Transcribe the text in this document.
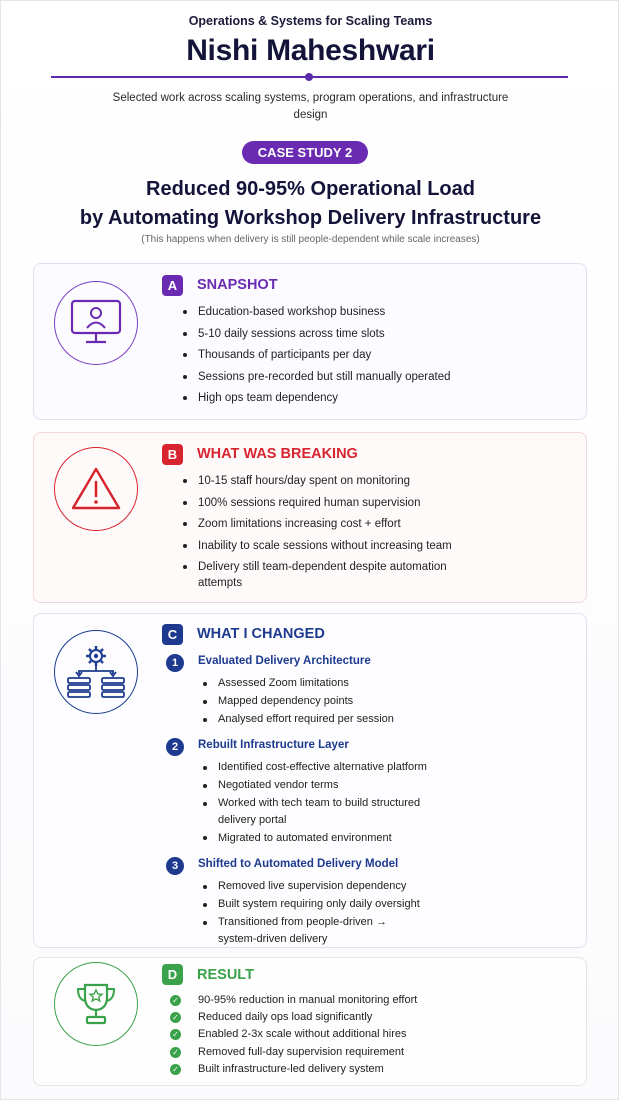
Operations & Systems for Scaling Teams
Nishi Maheshwari
Selected work across scaling systems, program operations, and infrastructure design
CASE STUDY 2
Reduced 90-95% Operational Load
by Automating Workshop Delivery Infrastructure
(This happens when delivery is still people-dependent while scale increases)
A	SNAPSHOT
Education-based workshop business
5-10 daily sessions across time slots
Thousands of participants per day
Sessions pre-recorded but still manually operated
High ops team dependency
B	WHAT WAS BREAKING
10-15 staff hours/day spent on monitoring
100% sessions required human supervision
Zoom limitations increasing cost + effort
Inability to scale sessions without increasing team
Delivery still team-dependent despite automation attempts
C	WHAT I CHANGED
1	Evaluated Delivery Architecture
Assessed Zoom limitations
Mapped dependency points
Analysed effort required per session
2	Rebuilt Infrastructure Layer
Identified cost-effective alternative platform
Negotiated vendor terms
Worked with tech team to build structured delivery portal
Migrated to automated environment
3	Shifted to Automated Delivery Model
Removed live supervision dependency
Built system requiring only daily oversight
Transitioned from people-driven → system-driven delivery
D	RESULT
✓ 90-95% reduction in manual monitoring effort
✓ Reduced daily ops load significantly
✓ Enabled 2-3x scale without additional hires
✓ Removed full-day supervision requirement
✓ Built infrastructure-led delivery system
